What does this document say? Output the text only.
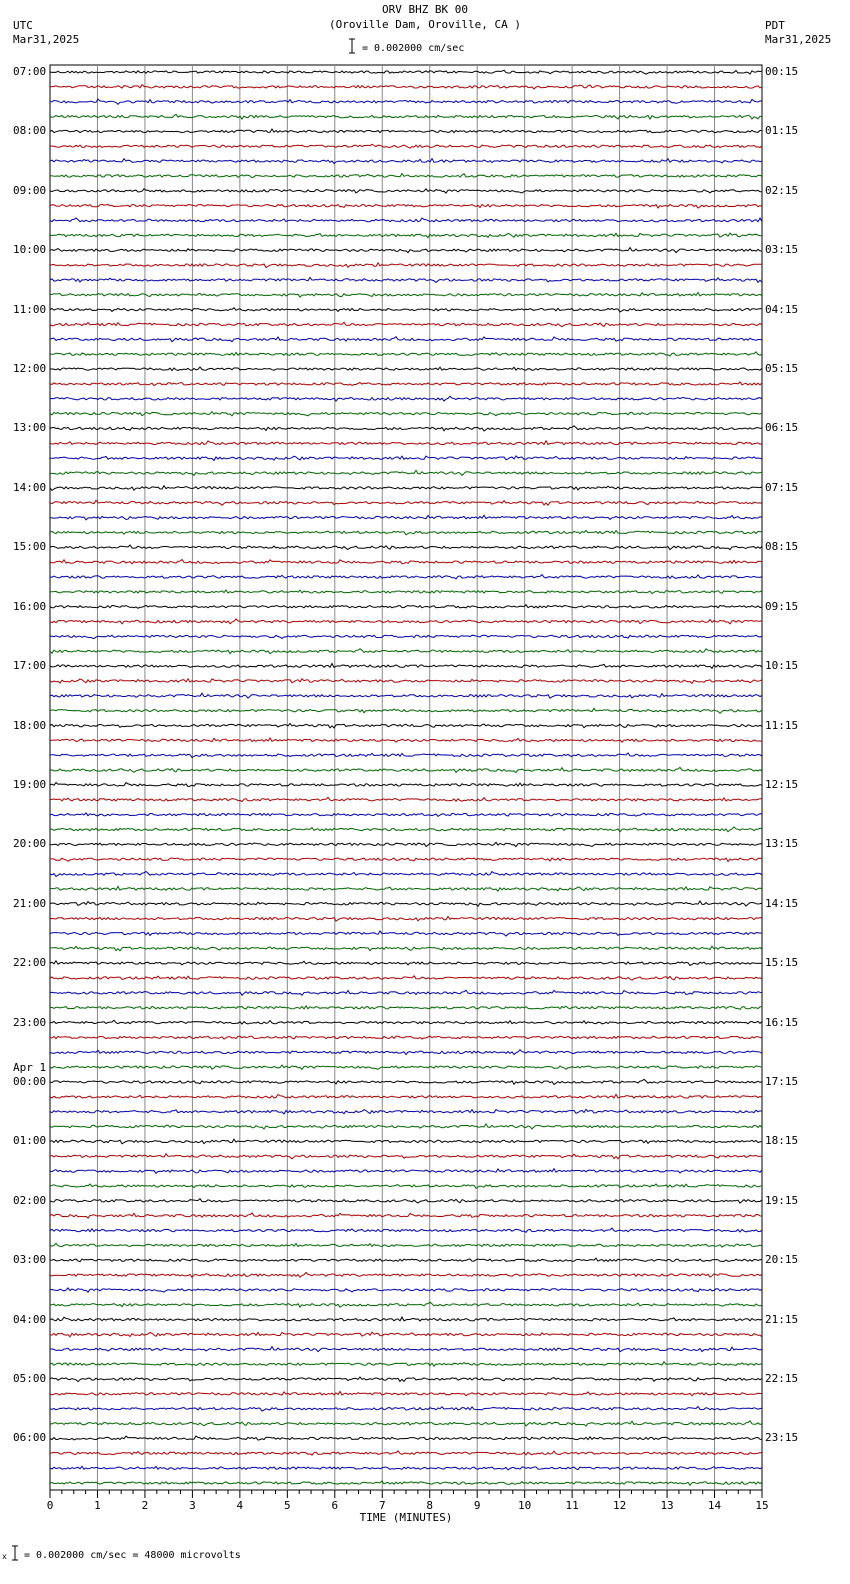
ORV BHZ BK 00
(Oroville Dam, Oroville, CA )
UTC
Mar31,2025
PDT
Mar31,2025
= 0.002000 cm/sec
0	1	2	3	4	5	6	7	8	9	10	11	12	13	14	15
TIME (MINUTES)
07:00
08:00
09:00
10:00
11:00
12:00
13:00
14:00
15:00
16:00
17:00
18:00
19:00
20:00
21:00
22:00
23:00
00:00
Apr 1
01:00
02:00
03:00
04:00
05:00
06:00
00:15
01:15
02:15
03:15
04:15
05:15
06:15
07:15
08:15
09:15
10:15
11:15
12:15
13:15
14:15
15:15
16:15
17:15
18:15
19:15
20:15
21:15
22:15
23:15
x = 0.002000 cm/sec = 48000 microvolts
